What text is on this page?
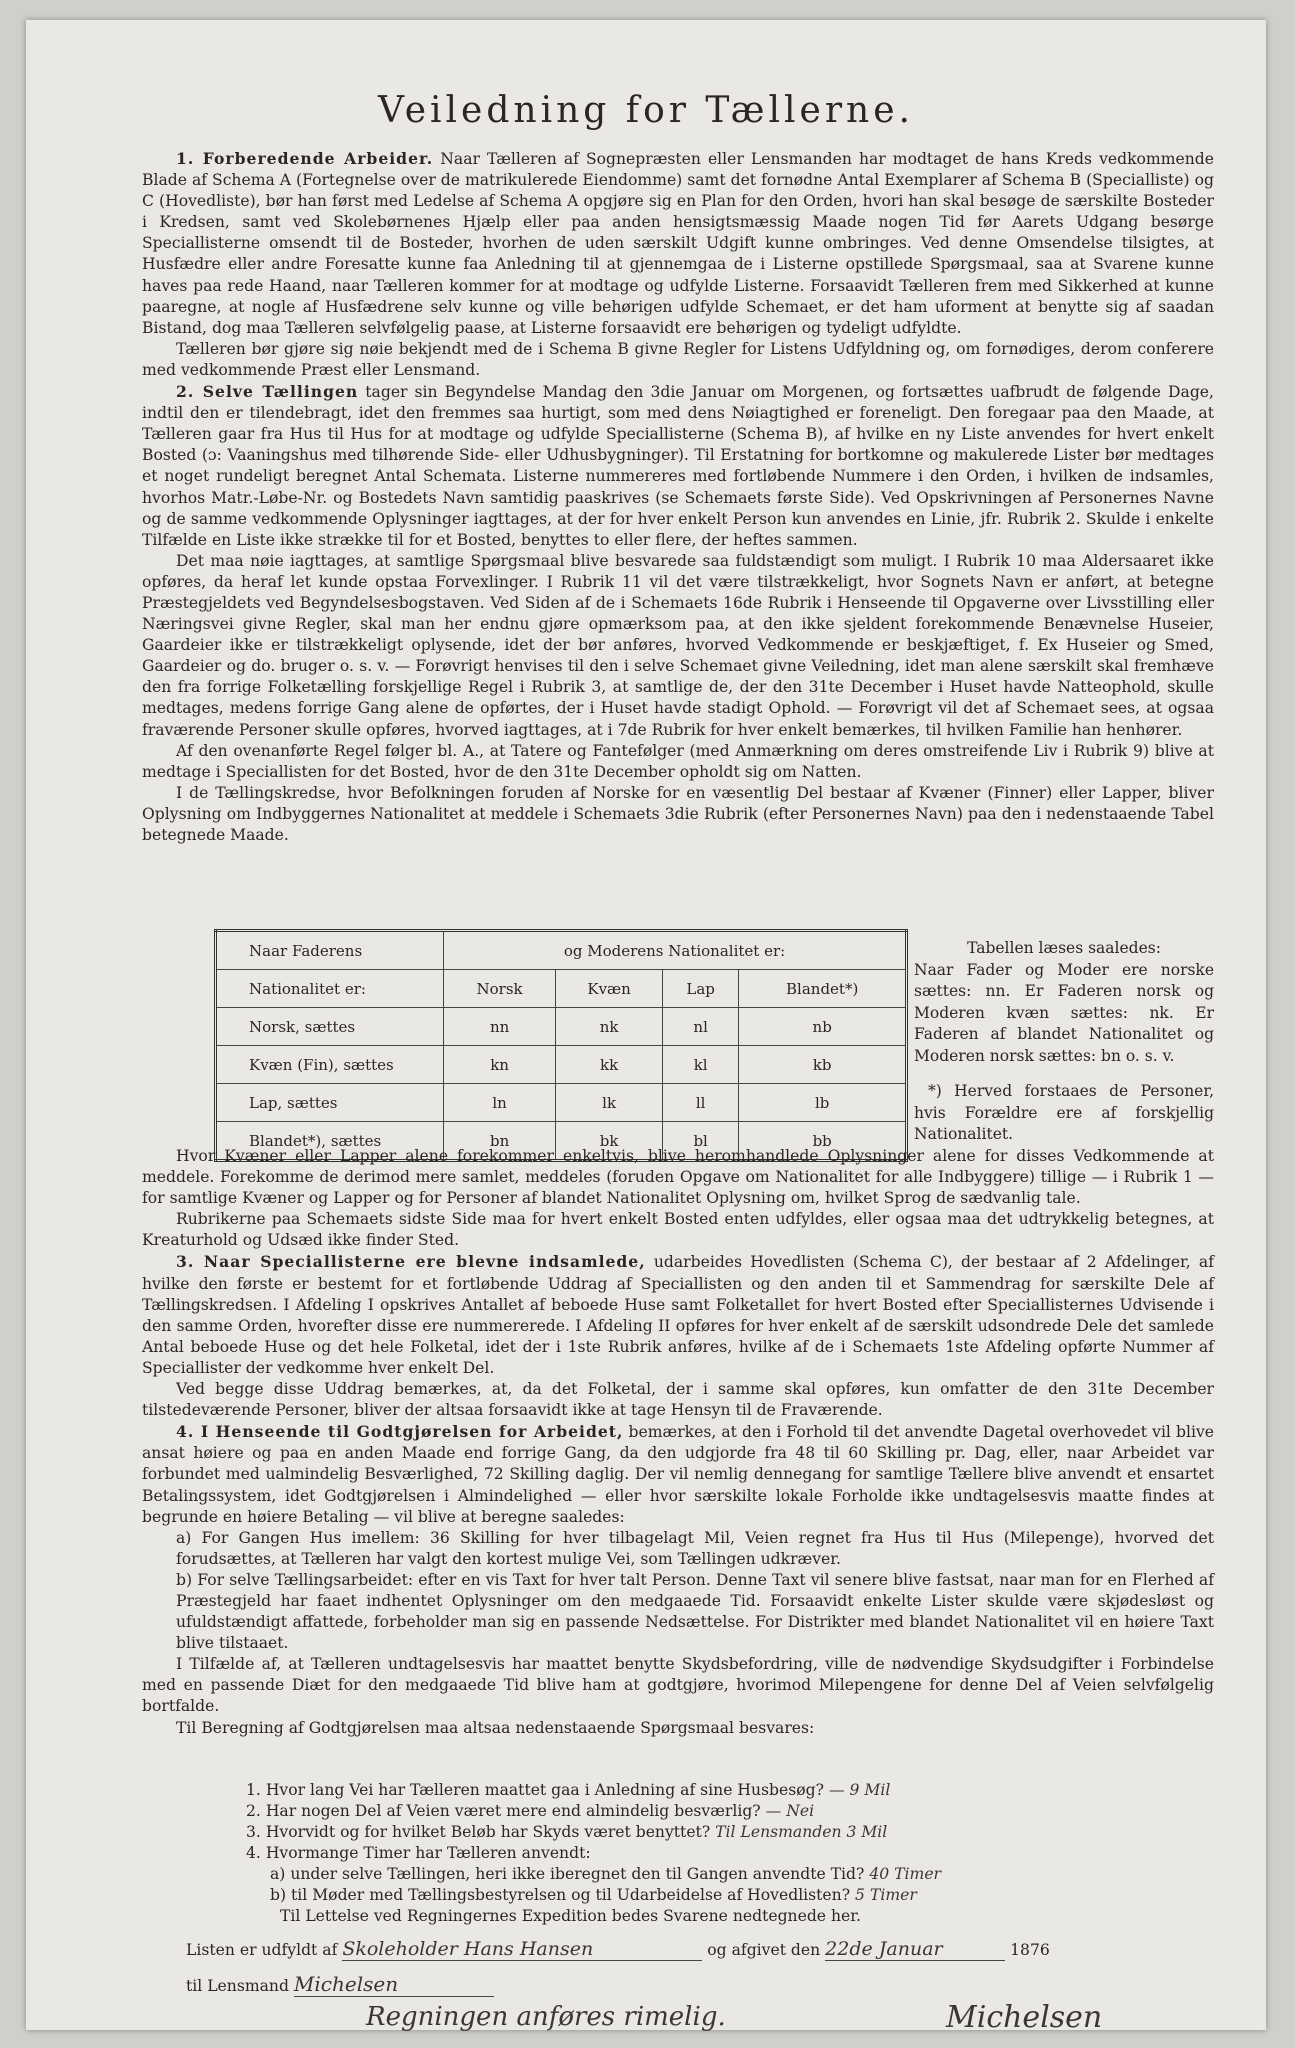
Veiledning for Tællerne.

1. Forberedende Arbeider. Naar Tælleren af Sognepræsten eller Lensmanden har modtaget de hans Kreds vedkommende Blade af Schema A (Fortegnelse over de matrikulerede Eiendomme) samt det fornødne Antal Exemplarer af Schema B (Specialliste) og C (Hovedliste), bør han først med Ledelse af Schema A opgjøre sig en Plan for den Orden, hvori han skal besøge de særskilte Bosteder i Kredsen, samt ved Skolebørnenes Hjælp eller paa anden hensigtsmæssig Maade nogen Tid før Aarets Udgang besørge Speciallisterne omsendt til de Bosteder, hvorhen de uden særskilt Udgift kunne ombringes. Ved denne Omsendelse tilsigtes, at Husfædre eller andre Foresatte kunne faa Anledning til at gjennemgaa de i Listerne opstillede Spørgsmaal, saa at Svarene kunne haves paa rede Haand, naar Tælleren kommer for at modtage og udfylde Listerne. Forsaavidt Tælleren frem med Sikkerhed at kunne paaregne, at nogle af Husfædrene selv kunne og ville behørigen udfylde Schemaet, er det ham uforment at benytte sig af saadan Bistand, dog maa Tælleren selvfølgelig paase, at Listerne forsaavidt ere behørigen og tydeligt udfyldte.

Tælleren bør gjøre sig nøie bekjendt med de i Schema B givne Regler for Listens Udfyldning og, om fornødiges, derom conferere med vedkommende Præst eller Lensmand.

2. Selve Tællingen tager sin Begyndelse Mandag den 3die Januar om Morgenen, og fortsættes uafbrudt de følgende Dage, indtil den er tilendebragt, idet den fremmes saa hurtigt, som med dens Nøiagtighed er foreneligt. Den foregaar paa den Maade, at Tælleren gaar fra Hus til Hus for at modtage og udfylde Speciallisterne (Schema B), af hvilke en ny Liste anvendes for hvert enkelt Bosted (ɔ: Vaaningshus med tilhørende Side- eller Udhusbygninger). Til Erstatning for bortkomne og makulerede Lister bør medtages et noget rundeligt beregnet Antal Schemata. Listerne nummereres med fortløbende Nummere i den Orden, i hvilken de indsamles, hvorhos Matr.-Løbe-Nr. og Bostedets Navn samtidig paaskrives (se Schemaets første Side). Ved Opskrivningen af Personernes Navne og de samme vedkommende Oplysninger iagttages, at der for hver enkelt Person kun anvendes en Linie, jfr. Rubrik 2. Skulde i enkelte Tilfælde en Liste ikke strække til for et Bosted, benyttes to eller flere, der heftes sammen.

Det maa nøie iagttages, at samtlige Spørgsmaal blive besvarede saa fuldstændigt som muligt. I Rubrik 10 maa Aldersaaret ikke opføres, da heraf let kunde opstaa Forvexlinger. I Rubrik 11 vil det være tilstrækkeligt, hvor Sognets Navn er anført, at betegne Præstegjeldets ved Begyndelsesbogstaven. Ved Siden af de i Schemaets 16de Rubrik i Henseende til Opgaverne over Livsstilling eller Næringsvei givne Regler, skal man her endnu gjøre opmærksom paa, at den ikke sjeldent forekommende Benævnelse Huseier, Gaardeier ikke er tilstrækkeligt oplysende, idet der bør anføres, hvorved Vedkommende er beskjæftiget, f. Ex Huseier og Smed, Gaardeier og do. bruger o. s. v. — Forøvrigt henvises til den i selve Schemaet givne Veiledning, idet man alene særskilt skal fremhæve den fra forrige Folketælling forskjellige Regel i Rubrik 3, at samtlige de, der den 31te December i Huset havde Natteophold, skulle medtages, medens forrige Gang alene de opførtes, der i Huset havde stadigt Ophold. — Forøvrigt vil det af Schemaet sees, at ogsaa fraværende Personer skulle opføres, hvorved iagttages, at i 7de Rubrik for hver enkelt bemærkes, til hvilken Familie han henhører.

Af den ovenanførte Regel følger bl. A., at Tatere og Fantefølger (med Anmærkning om deres omstreifende Liv i Rubrik 9) blive at medtage i Speciallisten for det Bosted, hvor de den 31te December opholdt sig om Natten.

I de Tællingskredse, hvor Befolkningen foruden af Norske for en væsentlig Del bestaar af Kvæner (Finner) eller Lapper, bliver Oplysning om Indbyggernes Nationalitet at meddele i Schemaets 3die Rubrik (efter Personernes Navn) paa den i nedenstaaende Tabel betegnede Maade.

Naar Faderens	og Moderens Nationalitet er:			
Nationalitet er:	Norsk	Kvæn	Lap	Blandet*)
Norsk, sættes	nn	nk	nl	nb
Kvæn (Fin), sættes	kn	kk	kl	kb
Lap, sættes	ln	lk	ll	lb
Blandet*), sættes	bn	bk	bl	bb
Tabellen læses saaledes:
Naar Fader og Moder ere norske sættes: nn. Er Faderen norsk og Moderen kvæn sættes: nk. Er Faderen af blandet Nationalitet og Moderen norsk sættes: bn o. s. v.
*) Herved forstaaes de Personer, hvis Forældre ere af forskjellig Nationalitet.

Hvor Kvæner eller Lapper alene forekommer enkeltvis, blive heromhandlede Oplysninger alene for disses Vedkommende at meddele. Forekomme de derimod mere samlet, meddeles (foruden Opgave om Nationalitet for alle Indbyggere) tillige — i Rubrik 1 — for samtlige Kvæner og Lapper og for Personer af blandet Nationalitet Oplysning om, hvilket Sprog de sædvanlig tale.

Rubrikerne paa Schemaets sidste Side maa for hvert enkelt Bosted enten udfyldes, eller ogsaa maa det udtrykkelig betegnes, at Kreaturhold og Udsæd ikke finder Sted.

3. Naar Speciallisterne ere blevne indsamlede, udarbeides Hovedlisten (Schema C), der bestaar af 2 Afdelinger, af hvilke den første er bestemt for et fortløbende Uddrag af Speciallisten og den anden til et Sammendrag for særskilte Dele af Tællingskredsen. I Afdeling I opskrives Antallet af beboede Huse samt Folketallet for hvert Bosted efter Speciallisternes Udvisende i den samme Orden, hvorefter disse ere nummererede. I Afdeling II opføres for hver enkelt af de særskilt udsondrede Dele det samlede Antal beboede Huse og det hele Folketal, idet der i 1ste Rubrik anføres, hvilke af de i Schemaets 1ste Afdeling opførte Nummer af Speciallister der vedkomme hver enkelt Del.

Ved begge disse Uddrag bemærkes, at, da det Folketal, der i samme skal opføres, kun omfatter de den 31te December tilstedeværende Personer, bliver der altsaa forsaavidt ikke at tage Hensyn til de Fraværende.

4. I Henseende til Godtgjørelsen for Arbeidet, bemærkes, at den i Forhold til det anvendte Dagetal overhovedet vil blive ansat høiere og paa en anden Maade end forrige Gang, da den udgjorde fra 48 til 60 Skilling pr. Dag, eller, naar Arbeidet var forbundet med ualmindelig Besværlighed, 72 Skilling daglig. Der vil nemlig dennegang for samtlige Tællere blive anvendt et ensartet Betalingssystem, idet Godtgjørelsen i Almindelighed — eller hvor særskilte lokale Forholde ikke undtagelsesvis maatte findes at begrunde en høiere Betaling — vil blive at beregne saaledes:

a) For Gangen Hus imellem: 36 Skilling for hver tilbagelagt Mil, Veien regnet fra Hus til Hus (Milepenge), hvorved det forudsættes, at Tælleren har valgt den kortest mulige Vei, som Tællingen udkræver.

b) For selve Tællingsarbeidet: efter en vis Taxt for hver talt Person. Denne Taxt vil senere blive fastsat, naar man for en Flerhed af Præstegjeld har faaet indhentet Oplysninger om den medgaaede Tid. Forsaavidt enkelte Lister skulde være skjødesløst og ufuldstændigt affattede, forbeholder man sig en passende Nedsættelse. For Distrikter med blandet Nationalitet vil en høiere Taxt blive tilstaaet.

I Tilfælde af, at Tælleren undtagelsesvis har maattet benytte Skydsbefordring, ville de nødvendige Skydsudgifter i Forbindelse med en passende Diæt for den medgaaede Tid blive ham at godtgjøre, hvorimod Milepengene for denne Del af Veien selvfølgelig bortfalde.

Til Beregning af Godtgjørelsen maa altsaa nedenstaaende Spørgsmaal besvares:

1. Hvor lang Vei har Tælleren maattet gaa i Anledning af sine Husbesøg? — 9 Mil
2. Har nogen Del af Veien været mere end almindelig besværlig? — Nei
3. Hvorvidt og for hvilket Beløb har Skyds været benyttet? Til Lensmanden 3 Mil
4. Hvormange Timer har Tælleren anvendt:
a) under selve Tællingen, heri ikke iberegnet den til Gangen anvendte Tid? 40 Timer
b) til Møder med Tællingsbestyrelsen og til Udarbeidelse af Hovedlisten? 5 Timer
Til Lettelse ved Regningernes Expedition bedes Svarene nedtegnede her.
Listen er udfyldt af Skoleholder Hans Hansen	og afgivet den 22de Januar	1876
til Lensmand Michelsen
Regningen anføres rimelig.	Michelsen
